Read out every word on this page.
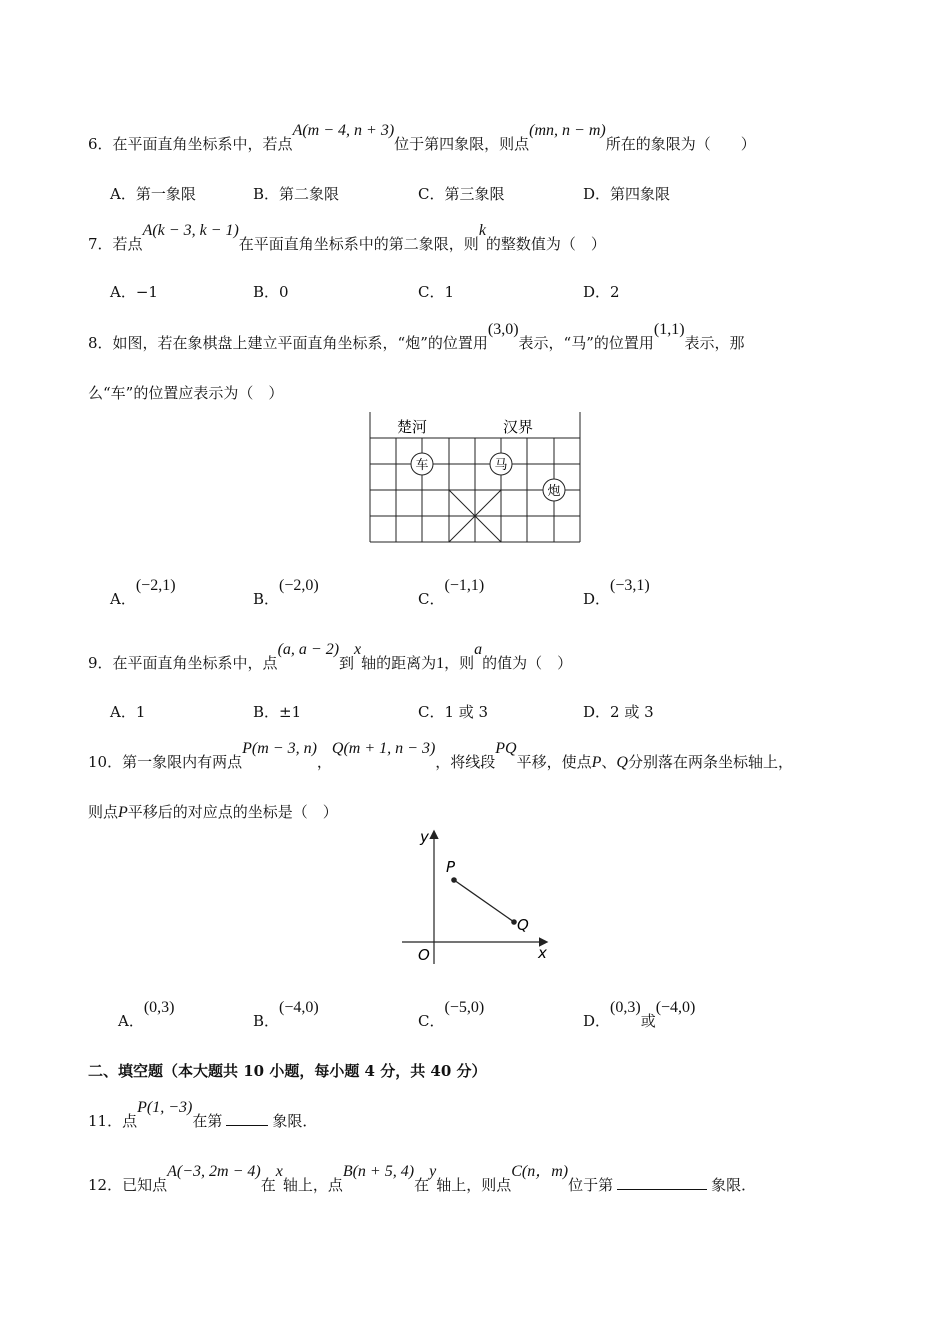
6．在平面直角坐标系中，若点A(m − 4, n + 3)位于第四象限，则点(mn, n − m)所在的象限为（　　）
A．第一象限	B．第二象限	C．第三象限	D．第四象限
7．若点A(k − 3, k − 1)在平面直角坐标系中的第二象限，则k的整数值为（　）
A．−1	B．0	C．1	D．2
8．如图，若在象棋盘上建立平面直角坐标系，“炮”的位置用(3,0)表示，“马”的位置用(1,1)表示，那
么“车”的位置应表示为（　）
楚河	汉界
车	马
炮
A．(−2,1)
B．(−2,0)
C．(−1,1)
D．(−3,1)
9．在平面直角坐标系中，点(a, a − 2)到x轴的距离为1，则a的值为（　）
A．1	B．±1	C．1 或 3	D．2 或 3
10．第一象限内有两点P(m − 3, n)，Q(m + 1, n − 3)，将线段PQ平移，使点P、Q分别落在两条坐标轴上，
则点P平移后的对应点的坐标是（　）
y
x
O
P
Q
A．(0,3)
B．(−4,0)
C．(−5,0)
D．(0,3)或(−4,0)
二、填空题（本大题共 10 小题，每小题 4 分，共 40 分）
11．点P(1, −3)在第	象限．
12．已知点A(−3, 2m − 4)在x轴上，点B(n + 5, 4)在y轴上，则点C(n，m)位于第	象限．
